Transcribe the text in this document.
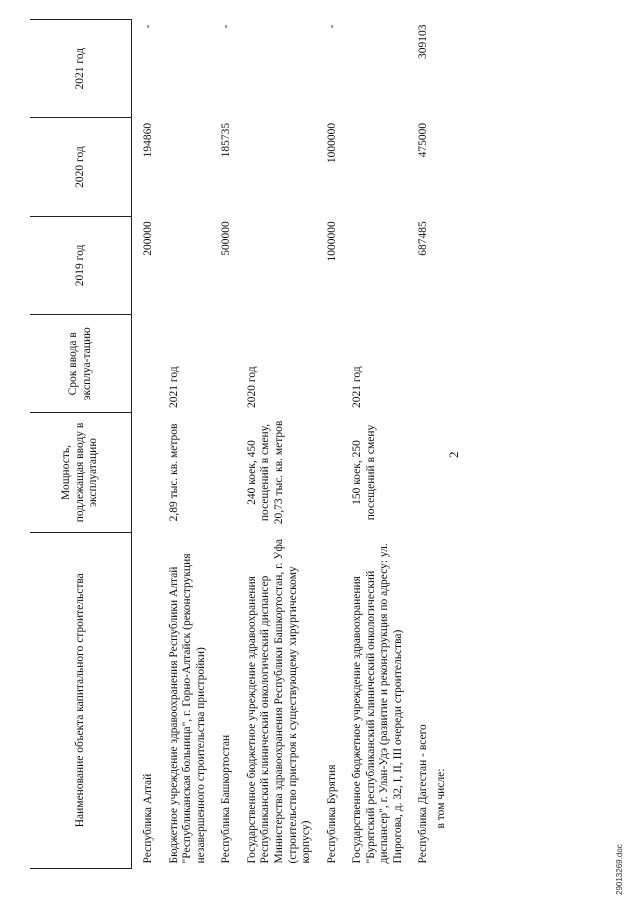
2
Наименование объекта капитального строительства	Мощность, подлежащая вводу в эксплуатацию	Срок ввода в эксплуа-тацию	2019 год	2020 год	2021 год
Республика Алтай			200000	194860	-
Бюджетное учреждение здравоохранения Республики Алтай "Республиканская больница", г. Горно-Алтайск (реконструкция незавершенного строительства пристройки)	2,89 тыс. кв. метров	2021 год			
Республика Башкортостан			500000	185735	-
Государственное бюджетное учреждение здравоохранения Республиканский клинический онкологический диспансер Министерства здравоохранения Республики Башкортостан, г. Уфа (строительство пристроя к существующему хирургическому корпусу)	240 коек, 450 посещений в смену, 20,73 тыс. кв. метров	2020 год			
Республика Бурятия			1000000	1000000	-
Государственное бюджетное учреждение здравоохранения "Бурятский республиканский клинический онкологический диспансер", г. Улан-Удэ (развитие и реконструкция по адресу: ул. Пирогова, д. 32, I, II, III очереди строительства)	150 коек, 250 посещений в смену	2021 год			
Республика Дагестан - всего			687485	475000	309103
в том числе:					
29013269.doc
